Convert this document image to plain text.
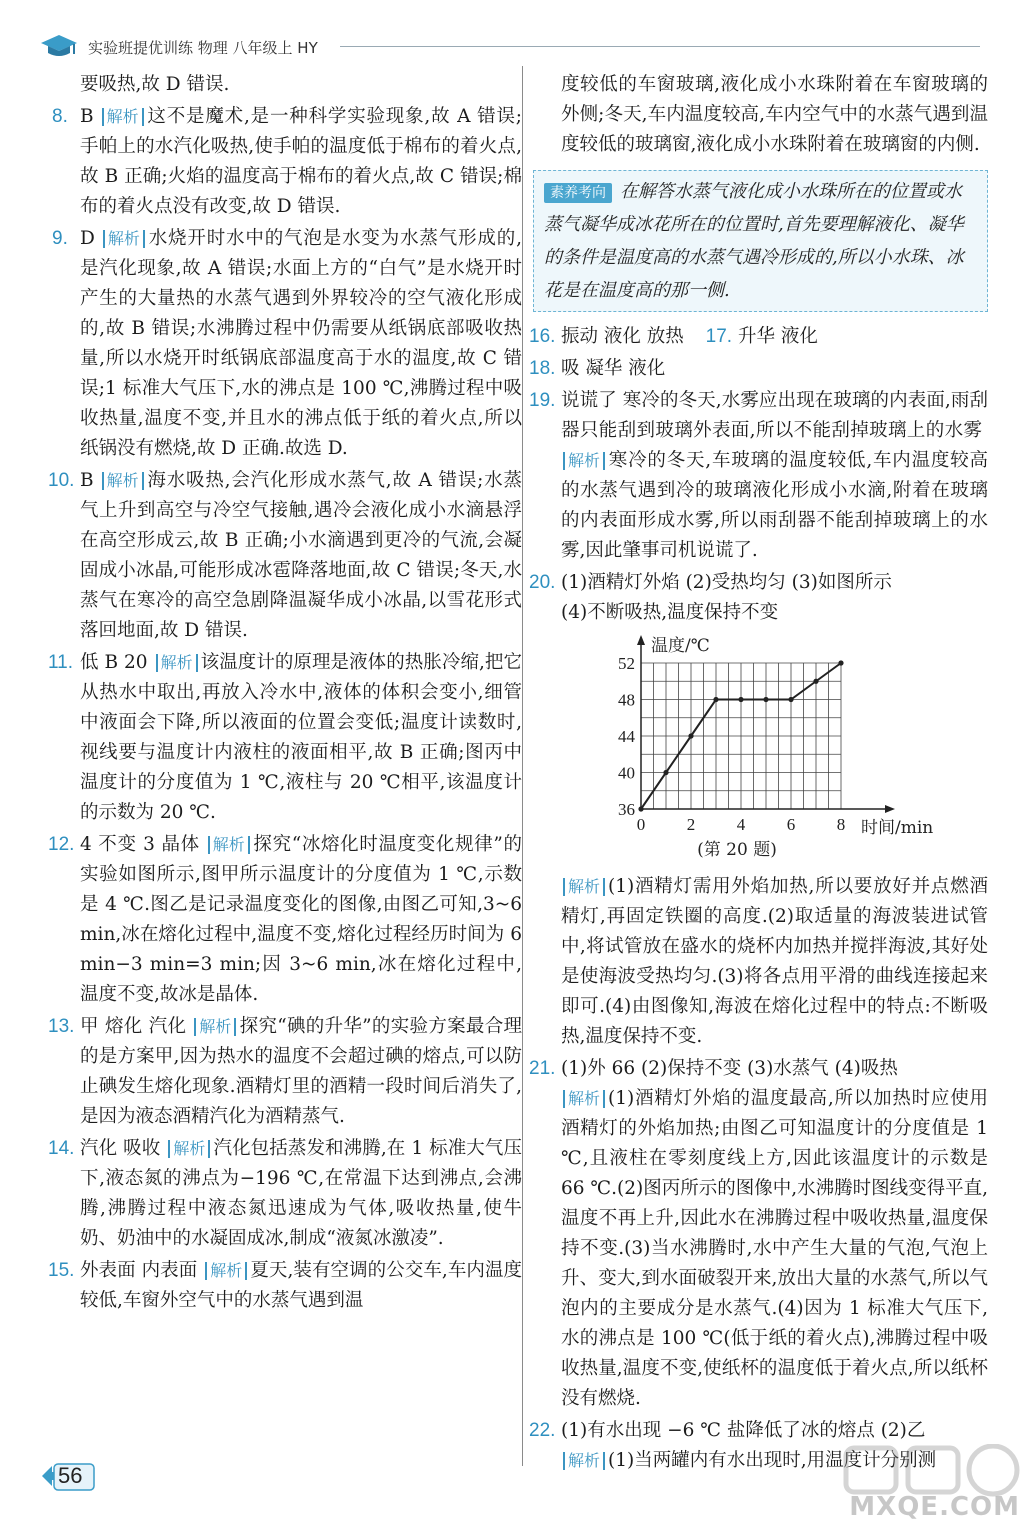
实验班提优训练 物理 八年级上 HY
要吸热,故 D 错误.
8. B 解析 这不是魔术,是一种科学实验现象,故 A 错误;手帕上的水汽化吸热,使手帕的温度低于棉布的着火点,故 B 正确;火焰的温度高于棉布的着火点,故 C 错误;棉布的着火点没有改变,故 D 错误.
9. D 解析 水烧开时水中的气泡是水变为水蒸气形成的,是汽化现象,故 A 错误;水面上方的“白气”是水烧开时产生的大量热的水蒸气遇到外界较冷的空气液化形成的,故 B 错误;水沸腾过程中仍需要从纸锅底部吸收热量,所以水烧开时纸锅底部温度高于水的温度,故 C 错误;1 标准大气压下,水的沸点是 100 ℃,沸腾过程中吸收热量,温度不变,并且水的沸点低于纸的着火点,所以纸锅没有燃烧,故 D 正确.故选 D.
10. B 解析 海水吸热,会汽化形成水蒸气,故 A 错误;水蒸气上升到高空与冷空气接触,遇冷会液化成小水滴悬浮在高空形成云,故 B 正确;小水滴遇到更冷的气流,会凝固成小冰晶,可能形成冰雹降落地面,故 C 错误;冬天,水蒸气在寒冷的高空急剧降温凝华成小冰晶,以雪花形式落回地面,故 D 错误.
11. 低 B 20 解析 该温度计的原理是液体的热胀冷缩,把它从热水中取出,再放入冷水中,液体的体积会变小,细管中液面会下降,所以液面的位置会变低;温度计读数时,视线要与温度计内液柱的液面相平,故 B 正确;图丙中温度计的分度值为 1 ℃,液柱与 20 ℃相平,该温度计的示数为 20 ℃.
12. 4 不变 3 晶体 解析 探究“冰熔化时温度变化规律”的实验如图所示,图甲所示温度计的分度值为 1 ℃,示数是 4 ℃.图乙是记录温度变化的图像,由图乙可知,3~6 min,冰在熔化过程中,温度不变,熔化过程经历时间为 6 min−3 min=3 min;因 3~6 min,冰在熔化过程中,温度不变,故冰是晶体.
13. 甲 熔化 汽化 解析 探究“碘的升华”的实验方案最合理的是方案甲,因为热水的温度不会超过碘的熔点,可以防止碘发生熔化现象.酒精灯里的酒精一段时间后消失了,是因为液态酒精汽化为酒精蒸气.
14. 汽化 吸收 解析 汽化包括蒸发和沸腾,在 1 标准大气压下,液态氮的沸点为−196 ℃,在常温下达到沸点,会沸腾,沸腾过程中液态氮迅速成为气体,吸收热量,使牛奶、奶油中的水凝固成冰,制成“液氮冰激凌”.
15. 外表面 内表面 解析 夏天,装有空调的公交车,车内温度较低,车窗外空气中的水蒸气遇到温
度较低的车窗玻璃,液化成小水珠附着在车窗玻璃的外侧;冬天,车内温度较高,车内空气中的水蒸气遇到温度较低的玻璃窗,液化成小水珠附着在玻璃窗的内侧.
素养考向 在解答水蒸气液化成小水珠所在的位置或水蒸气凝华成冰花所在的位置时,首先要理解液化、凝华的条件是温度高的水蒸气遇冷形成的,所以小水珠、冰花是在温度高的那一侧.
16. 振动 液化 放热 17. 升华 液化
18. 吸 凝华 液化
19. 说谎了 寒冷的冬天,水雾应出现在玻璃的内表面,雨刮器只能刮到玻璃外表面,所以不能刮掉玻璃上的水雾解析 寒冷的冬天,车玻璃的温度较低,车内温度较高的水蒸气遇到冷的玻璃液化形成小水滴,附着在玻璃的内表面形成水雾,所以雨刮器不能刮掉玻璃上的水雾,因此肇事司机说谎了.
20. (1)酒精灯外焰 (2)受热均匀 (3)如图所示
(4)不断吸热,温度保持不变
0 2 4 6 8
36
40
44
48
52
温度/℃
时间/min
(第 20 题)
解析 (1)酒精灯需用外焰加热,所以要放好并点燃酒精灯,再固定铁圈的高度.(2)取适量的海波装进试管中,将试管放在盛水的烧杯内加热并搅拌海波,其好处是使海波受热均匀.(3)将各点用平滑的曲线连接起来即可.(4)由图像知,海波在熔化过程中的特点:不断吸热,温度保持不变.
21. (1)外 66 (2)保持不变 (3)水蒸气 (4)吸热
解析 (1)酒精灯外焰的温度最高,所以加热时应使用酒精灯的外焰加热;由图乙可知温度计的分度值是 1 ℃,且液柱在零刻度线上方,因此该温度计的示数是 66 ℃.(2)图丙所示的图像中,水沸腾时图线变得平直,温度不再上升,因此水在沸腾过程中吸收热量,温度保持不变.(3)当水沸腾时,水中产生大量的气泡,气泡上升、变大,到水面破裂开来,放出大量的水蒸气,所以气泡内的主要成分是水蒸气.(4)因为 1 标准大气压下,水的沸点是 100 ℃(低于纸的着火点),沸腾过程中吸收热量,温度不变,使纸杯的温度低于着火点,所以纸杯没有燃烧.
22. (1)有水出现 −6 ℃ 盐降低了冰的熔点 (2)乙
解析 (1)当两罐内有水出现时,用温度计分别测
56
MXQE.COM
